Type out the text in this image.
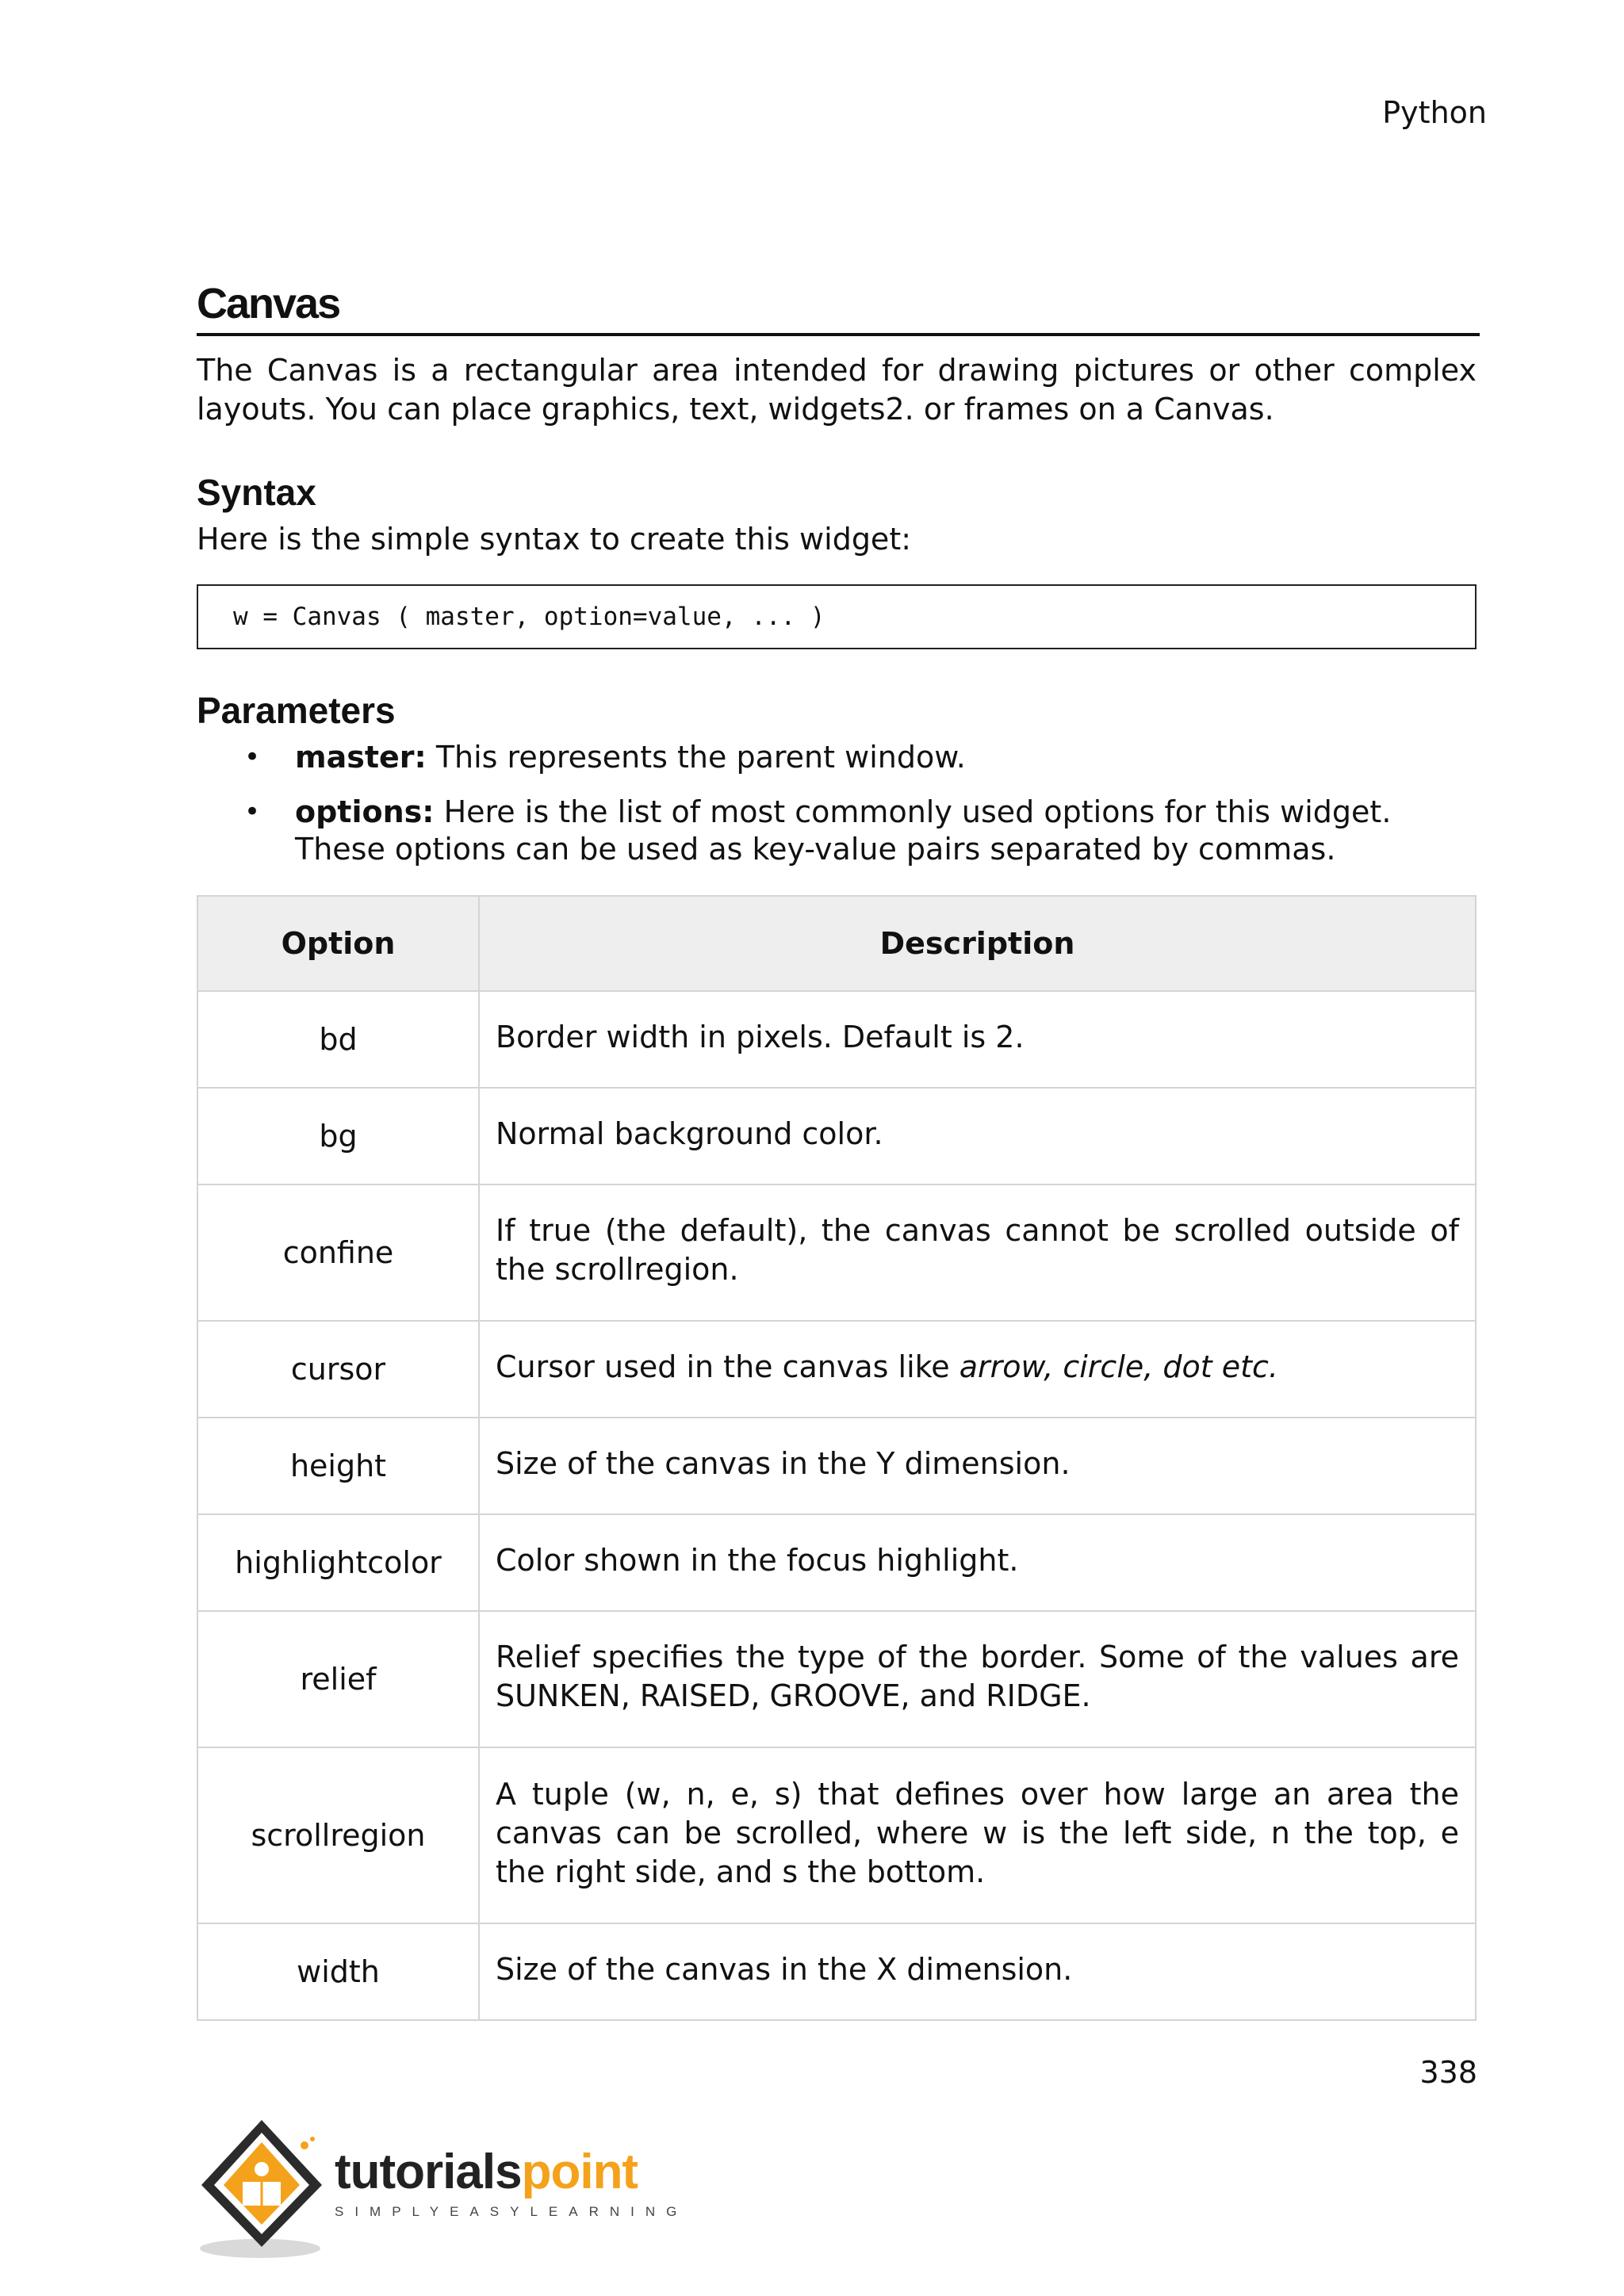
Python
Canvas

The Canvas is a rectangular area intended for drawing pictures or other complex layouts. You can place graphics, text, widgets2. or frames on a Canvas.

Syntax

Here is the simple syntax to create this widget:

w = Canvas ( master, option=value, ... )
Parameters
• master: This represents the parent window.
• options: Here is the list of most commonly used options for this widget. These options can be used as key-value pairs separated by commas.
Option	Description
bd	Border width in pixels. Default is 2.
bg	Normal background color.
confine	If true (the default), the canvas cannot be scrolled outside of the scrollregion.
cursor	Cursor used in the canvas like arrow, circle, dot etc.
height	Size of the canvas in the Y dimension.
highlightcolor	Color shown in the focus highlight.
relief	Relief specifies the type of the border. Some of the values are SUNKEN, RAISED, GROOVE, and RIDGE.
scrollregion	A tuple (w, n, e, s) that defines over how large an area the canvas can be scrolled, where w is the left side, n the top, e the right side, and s the bottom.
width	Size of the canvas in the X dimension.
338
tutorialspoint
SIMPLYEASYLEARNING
